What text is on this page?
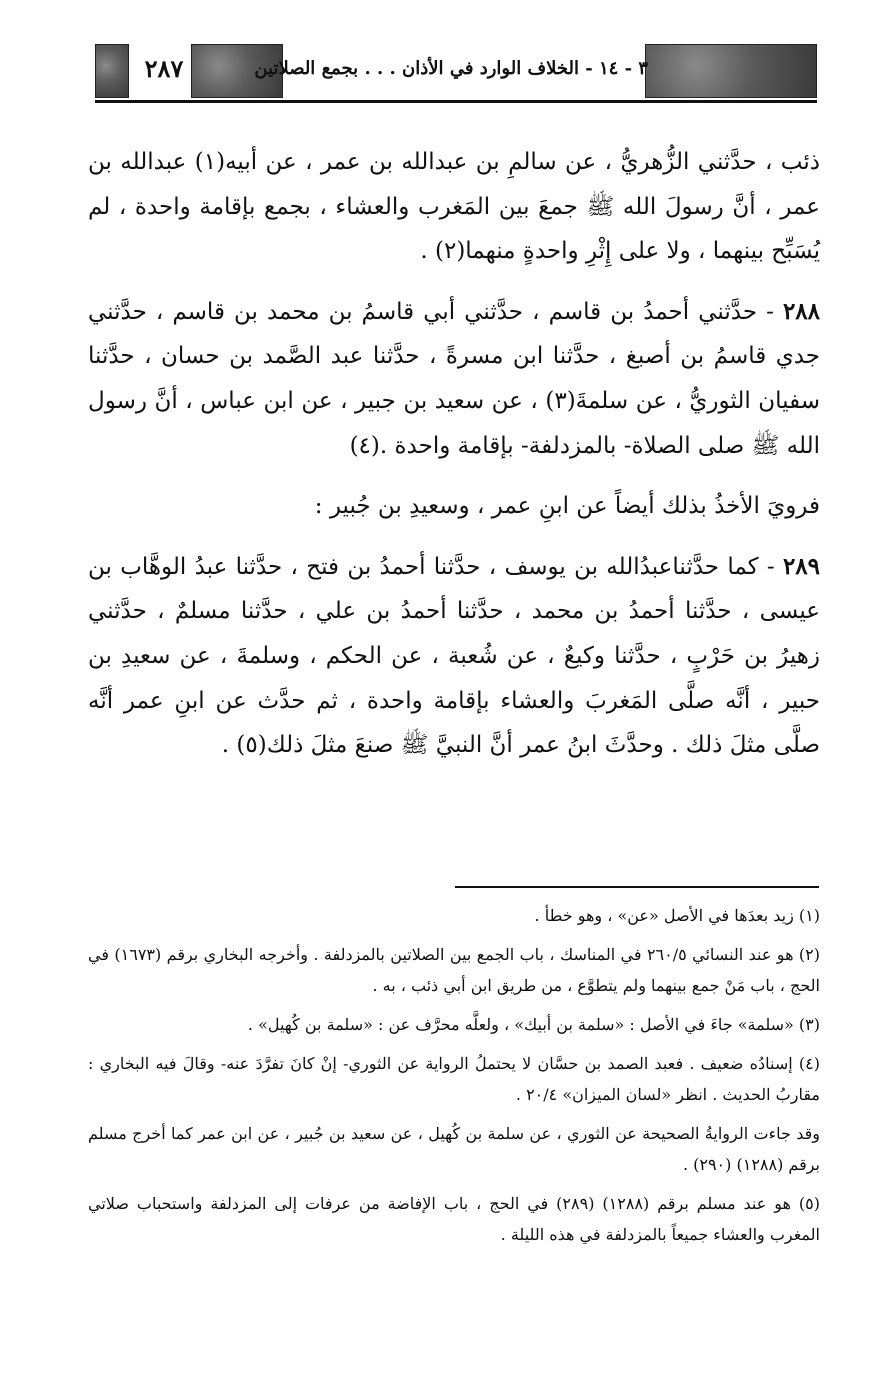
٢٨٧	٣ - ١٤ - الخلاف الوارد في الأذان . . . بجمع الصلاتين

ذئب ، حدَّثني الزُّهريُّ ، عن سالمِ بن عبدالله بن عمر ، عن أبيه(١) عبدالله بن عمر ، أنَّ رسولَ الله ﷺ جمعَ بين المَغرب والعشاء ، بجمع بإقامة واحدة ، لم يُسَبِّح بينهما ، ولا على إِثْرِ واحدةٍ منهما(٢) .

٢٨٨ - حدَّثني أحمدُ بن قاسم ، حدَّثني أبي قاسمُ بن محمد بن قاسم ، حدَّثني جدي قاسمُ بن أصبغ ، حدَّثنا ابن مسرةً ، حدَّثنا عبد الصَّمد بن حسان ، حدَّثنا سفيان الثوريُّ ، عن سلمةَ(٣) ، عن سعيد بن جبير ، عن ابن عباس ، أنَّ رسول الله ﷺ صلى الصلاة- بالمزدلفة- بإقامة واحدة .(٤)

فرويَ الأخذُ بذلك أيضاً عن ابنِ عمر ، وسعيدِ بن جُبير :

٢٨٩ - كما حدَّثناعبدُالله بن يوسف ، حدَّثنا أحمدُ بن فتح ، حدَّثنا عبدُ الوهَّاب بن عيسى ، حدَّثنا أحمدُ بن محمد ، حدَّثنا أحمدُ بن علي ، حدَّثنا مسلمٌ ، حدَّثني زهيرُ بن حَرْبٍ ، حدَّثنا وكيعٌ ، عن شُعبة ، عن الحكم ، وسلمةَ ، عن سعيدِ بن حبير ، أنَّه صلَّى المَغربَ والعشاء بإقامة واحدة ، ثم حدَّث عن ابنِ عمر أنَّه صلَّى مثلَ ذلك . وحدَّثَ ابنُ عمر أنَّ النبيَّ ﷺ صنعَ مثلَ ذلك(٥) .

(١) زيد بعدَها في الأصل «عن» ، وهو خطأ .

(٢) هو عند النسائي ٢٦٠/٥ في المناسك ، باب الجمع بين الصلاتين بالمزدلفة . وأخرجه البخاري برقم (١٦٧٣) في الحج ، باب مَنْ جمع بينهما ولم يتطوَّع ، من طريق ابن أبي ذئب ، به .

(٣) «سلمة» جاءَ في الأصل : «سلمة بن أبيك» ، ولعلَّه محرَّف عن : «سلمة بن كُهيل» .

(٤) إسنادُه ضعيف . فعبد الصمد بن حسَّان لا يحتملُ الرواية عن الثوري- إنْ كانَ تفرَّدَ عنه- وقالَ فيه البخاري : مقاربُ الحديث . انظر «لسان الميزان» ٢٠/٤ .

وقد جاءت الروايةُ الصحيحة عن الثوري ، عن سلمة بن كُهيل ، عن سعيد بن جُبير ، عن ابن عمر كما أخرج مسلم برقم (١٢٨٨) (٢٩٠) .

(٥) هو عند مسلم برقم (١٢٨٨) (٢٨٩) في الحج ، باب الإفاضة من عرفات إلى المزدلفة واستحباب صلاتي المغرب والعشاء جميعاً بالمزدلفة في هذه الليلة .
